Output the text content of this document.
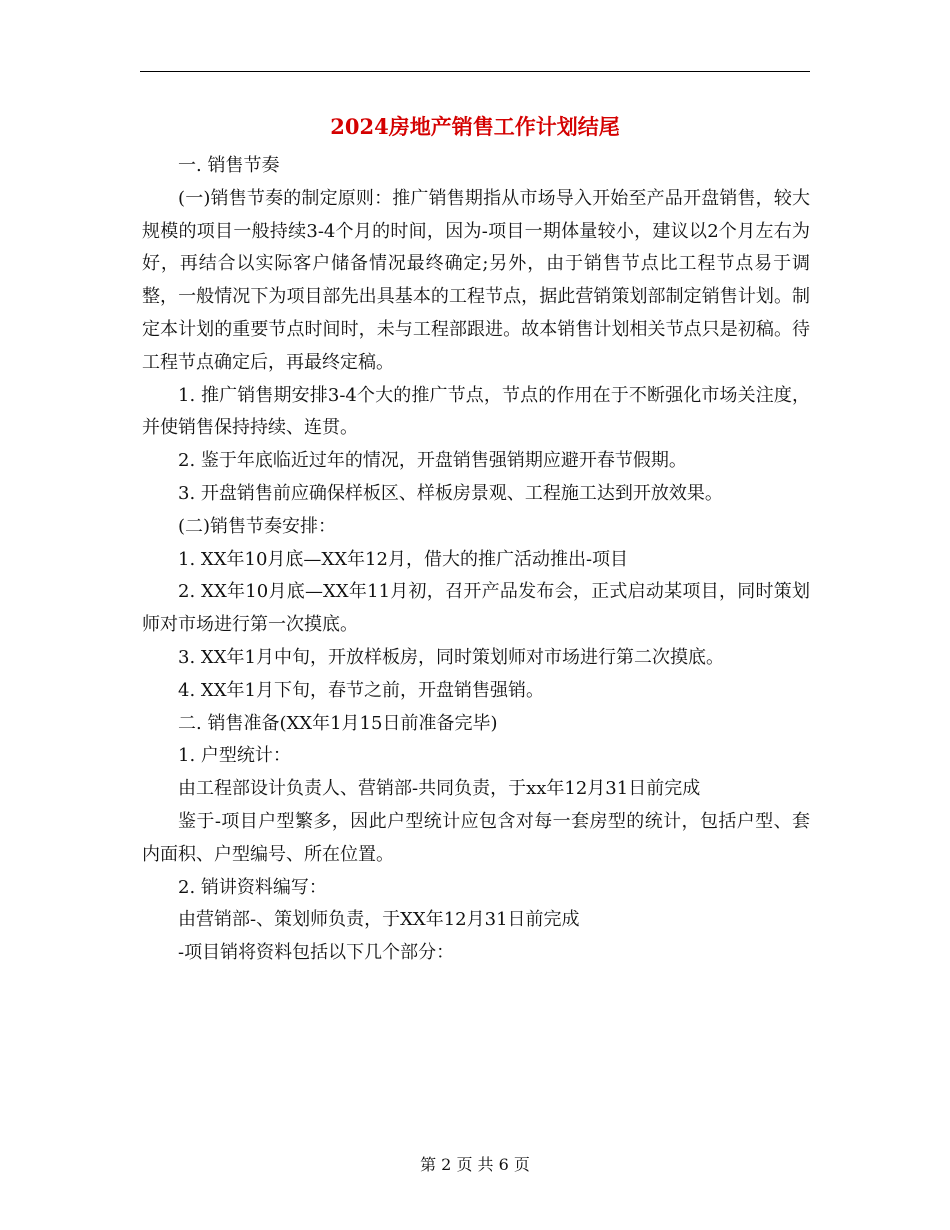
2024房地产销售工作计划结尾

一. 销售节奏

(一)销售节奏的制定原则：推广销售期指从市场导入开始至产品开盘销售，较大规模的项目一般持续3-4个月的时间，因为-项目一期体量较小，建议以2个月左右为好，再结合以实际客户储备情况最终确定;另外，由于销售节点比工程节点易于调整，一般情况下为项目部先出具基本的工程节点，据此营销策划部制定销售计划。制定本计划的重要节点时间时，未与工程部跟进。故本销售计划相关节点只是初稿。待工程节点确定后，再最终定稿。

1. 推广销售期安排3-4个大的推广节点，节点的作用在于不断强化市场关注度，并使销售保持持续、连贯。

2. 鉴于年底临近过年的情况，开盘销售强销期应避开春节假期。

3. 开盘销售前应确保样板区、样板房景观、工程施工达到开放效果。

(二)销售节奏安排：

1. XX年10月底—XX年12月，借大的推广活动推出-项目

2. XX年10月底—XX年11月初，召开产品发布会，正式启动某项目，同时策划师对市场进行第一次摸底。

3. XX年1月中旬，开放样板房，同时策划师对市场进行第二次摸底。

4. XX年1月下旬，春节之前，开盘销售强销。

二. 销售准备(XX年1月15日前准备完毕)

1. 户型统计：

由工程部设计负责人、营销部-共同负责，于xx年12月31日前完成

鉴于-项目户型繁多，因此户型统计应包含对每一套房型的统计，包括户型、套内面积、户型编号、所在位置。

2. 销讲资料编写：

由营销部-、策划师负责，于XX年12月31日前完成

-项目销将资料包括以下几个部分：

第 2 页 共 6 页
